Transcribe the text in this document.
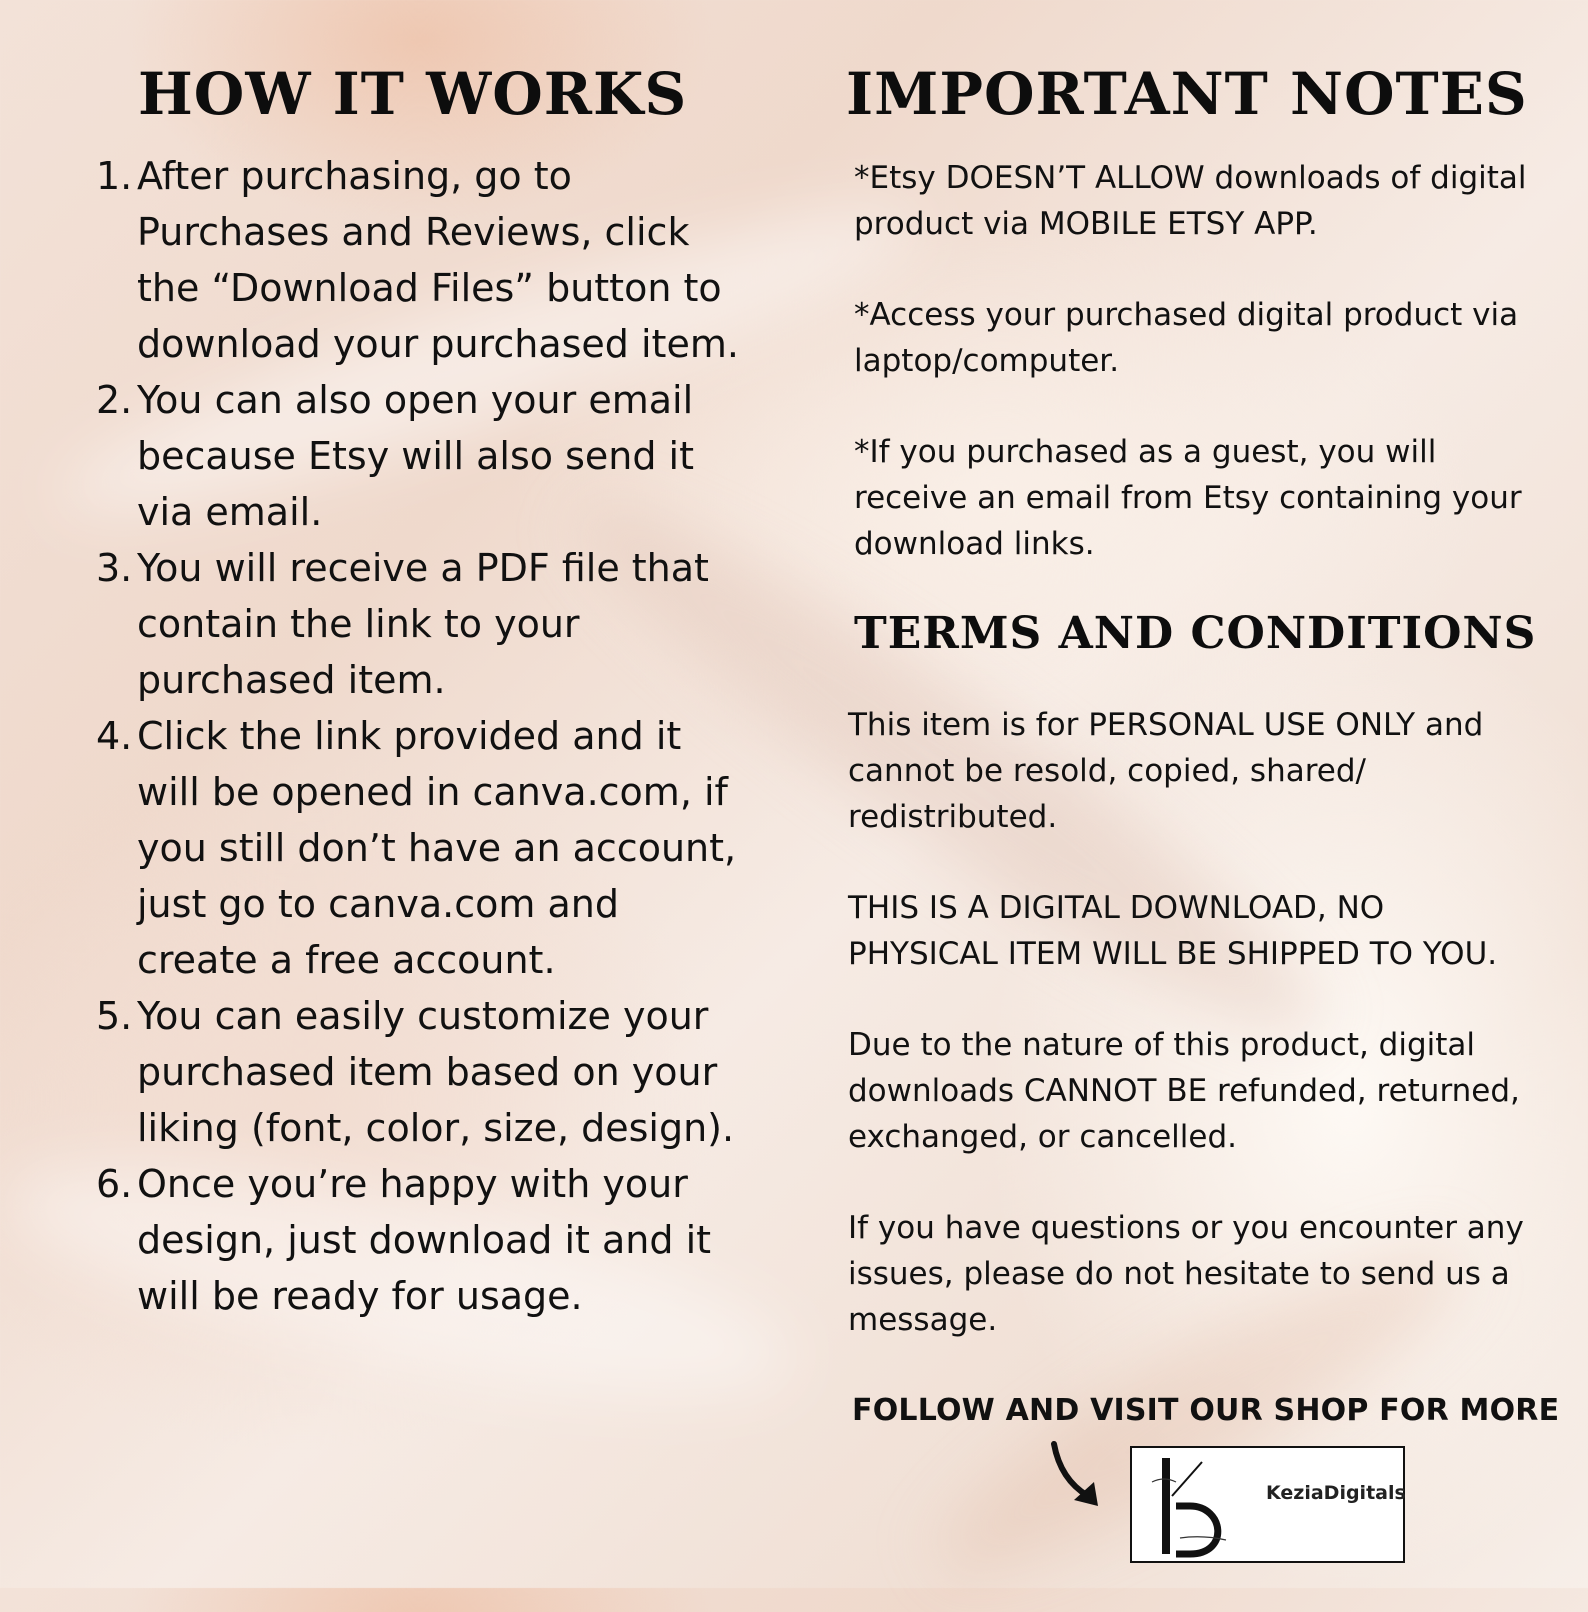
HOW IT WORKS
1. After purchasing, go to Purchases and Reviews, click the “Download Files” button to download your purchased item.
2. You can also open your email because Etsy will also send it via email.
3. You will receive a PDF file that contain the link to your purchased item.
4. Click the link provided and it will be opened in canva.com, if you still don’t have an account, just go to canva.com and create a free account.
5. You can easily customize your purchased item based on your liking (font, color, size, design).
6. Once you’re happy with your design, just download it and it will be ready for usage.
IMPORTANT NOTES

*Etsy DOESN’T ALLOW downloads of digital product via MOBILE ETSY APP.

*Access your purchased digital product via laptop/computer.

*If you purchased as a guest, you will receive an email from Etsy containing your download links.

TERMS AND CONDITIONS

This item is for PERSONAL USE ONLY and cannot be resold, copied, shared/ redistributed.

THIS IS A DIGITAL DOWNLOAD, NO PHYSICAL ITEM WILL BE SHIPPED TO YOU.

Due to the nature of this product, digital downloads CANNOT BE refunded, returned, exchanged, or cancelled.

If you have questions or you encounter any issues, please do not hesitate to send us a message.

FOLLOW AND VISIT OUR SHOP FOR MORE

KeziaDigitals
